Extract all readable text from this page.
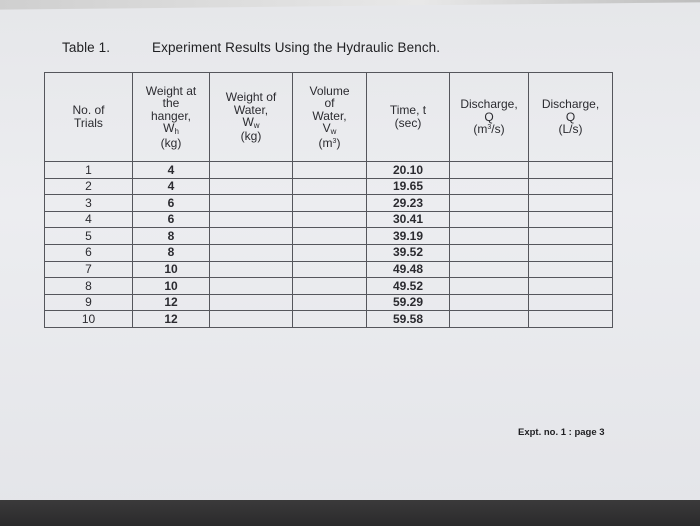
Table 1.	Experiment Results Using the Hydraulic Bench.
No. of
Trials	Weight at
the
hanger,
$W_h$
(kg)	Weight of
Water,
$W_w$
(kg)	Volume
of
Water,
$V_w$
$(m^3)$	Time, t
(sec)	Discharge,
Q
$(m^3/s)$	Discharge,
Q
(L/s)

1	4			20.10		
2	4			19.65		
3	6			29.23		
4	6			30.41		
5	8			39.19		
6	8			39.52		
7	10			49.48		
8	10			49.52		
9	12			59.29		
10	12			59.58		
Expt. no. 1 : page 3
